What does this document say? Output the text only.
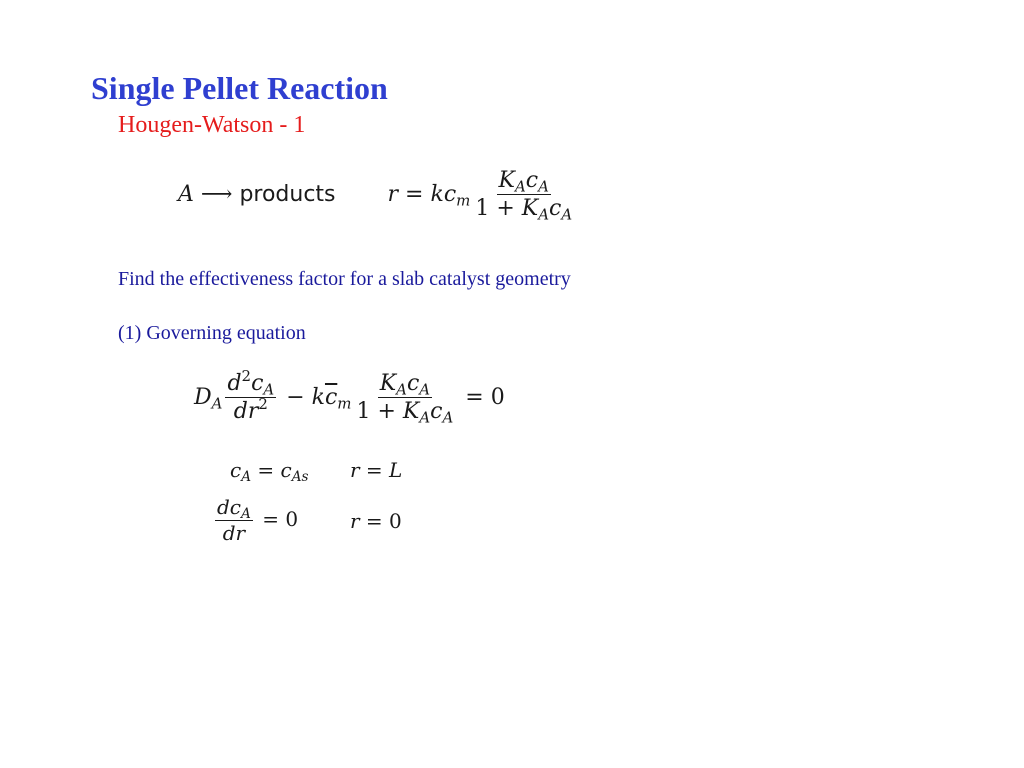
Single Pellet Reaction
Hougen-Watson - 1
A ⟶ products $r = kc_m \frac{K_Ac_A}{1 + K_Ac_A}$
Find the effectiveness factor for a slab catalyst geometry
(1) Governing equation
$D_A \frac{d^2c_A}{dr^2} - k\overline{c}_m \frac{K_Ac_A}{1 + K_Ac_A} = 0$
$c_A = c_{As}$ r = L
$\frac{dc_A}{dr} = 0$	r = 0
